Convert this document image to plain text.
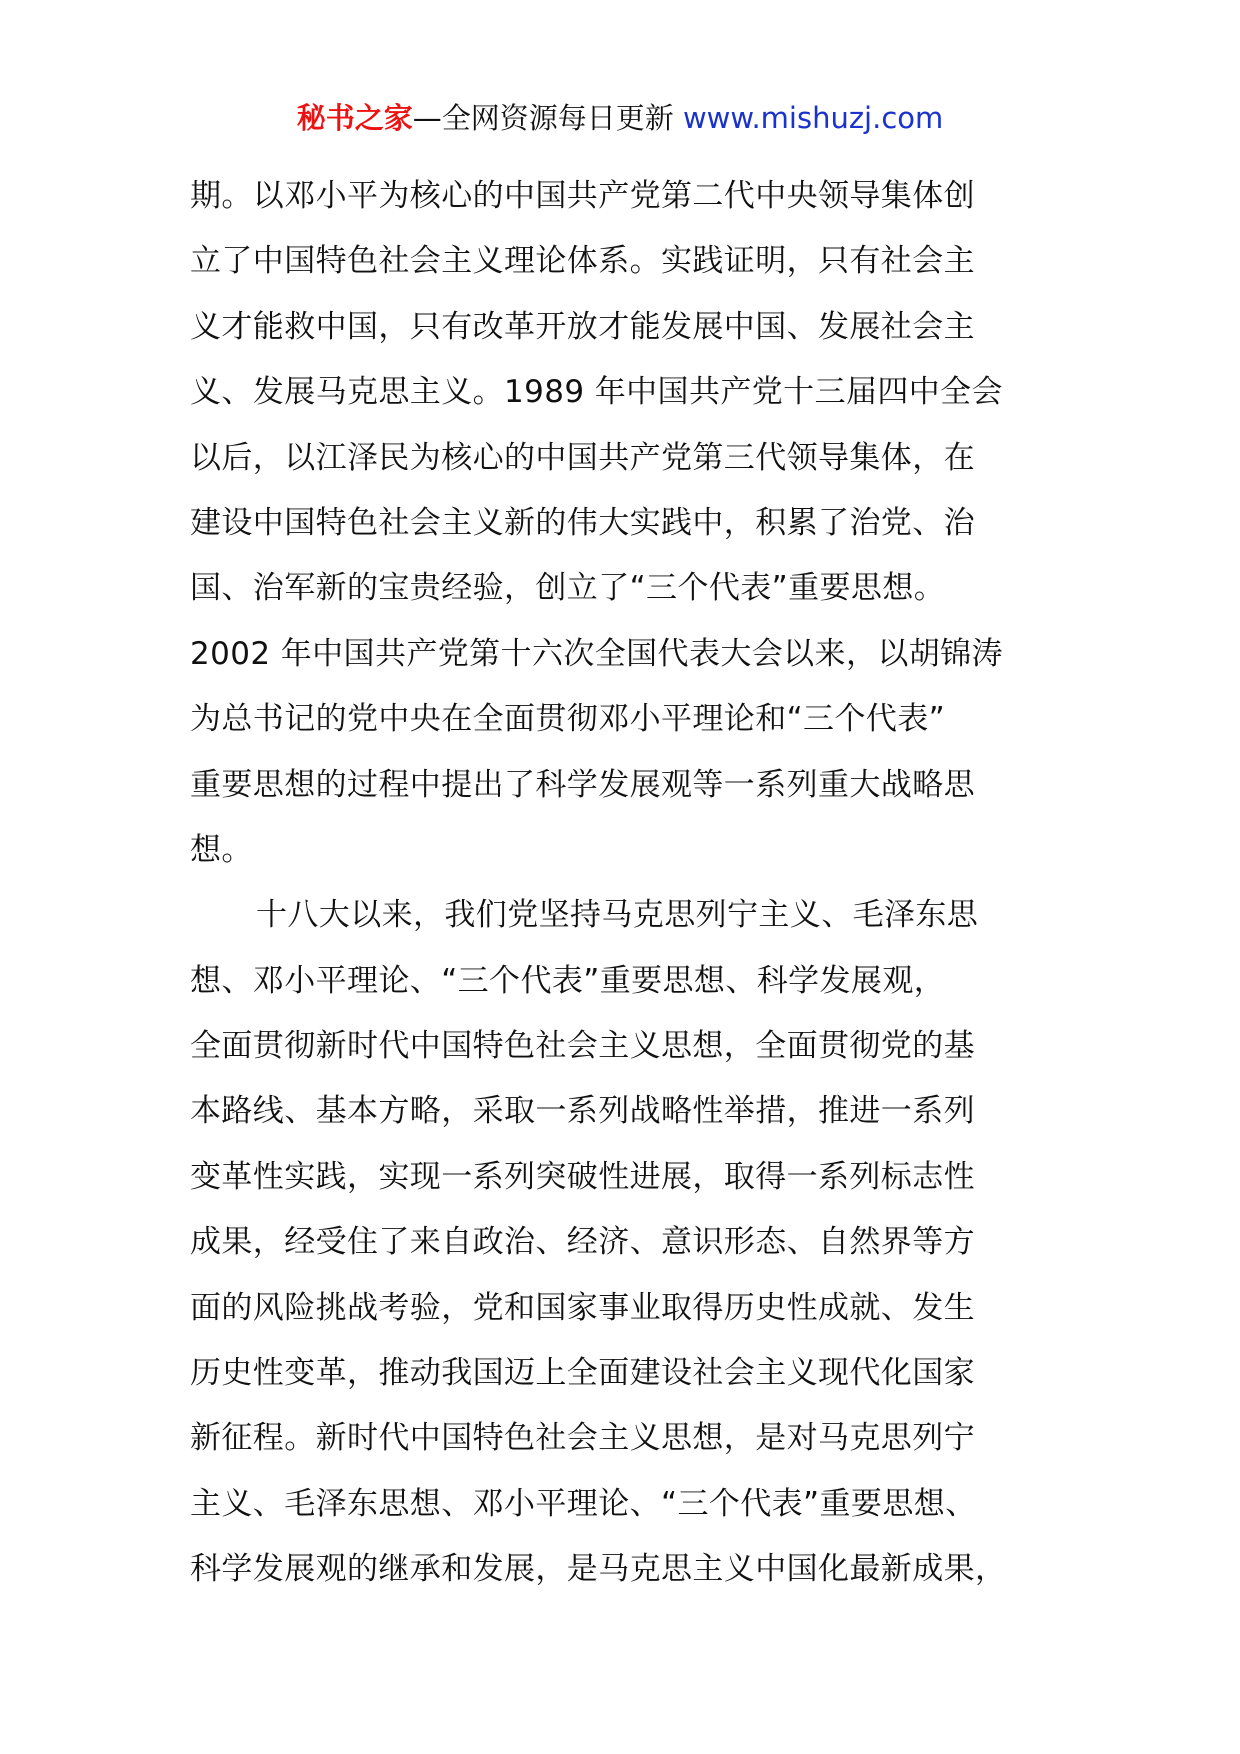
秘书之家—全网资源每日更新 www.mishuzj.com
期。以邓小平为核心的中国共产党第二代中央领导集体创
立了中国特色社会主义理论体系。实践证明，只有社会主
义才能救中国，只有改革开放才能发展中国、发展社会主
义、发展马克思主义。1989 年中国共产党十三届四中全会
以后，以江泽民为核心的中国共产党第三代领导集体，在
建设中国特色社会主义新的伟大实践中，积累了治党、治
国、治军新的宝贵经验，创立了“三个代表”重要思想。
2002 年中国共产党第十六次全国代表大会以来，以胡锦涛
为总书记的党中央在全面贯彻邓小平理论和“三个代表”
重要思想的过程中提出了科学发展观等一系列重大战略思
想。
十八大以来，我们党坚持马克思列宁主义、毛泽东思
想、邓小平理论、“三个代表”重要思想、科学发展观，
全面贯彻新时代中国特色社会主义思想，全面贯彻党的基
本路线、基本方略，采取一系列战略性举措，推进一系列
变革性实践，实现一系列突破性进展，取得一系列标志性
成果，经受住了来自政治、经济、意识形态、自然界等方
面的风险挑战考验，党和国家事业取得历史性成就、发生
历史性变革，推动我国迈上全面建设社会主义现代化国家
新征程。新时代中国特色社会主义思想，是对马克思列宁
主义、毛泽东思想、邓小平理论、“三个代表”重要思想、
科学发展观的继承和发展，是马克思主义中国化最新成果，
